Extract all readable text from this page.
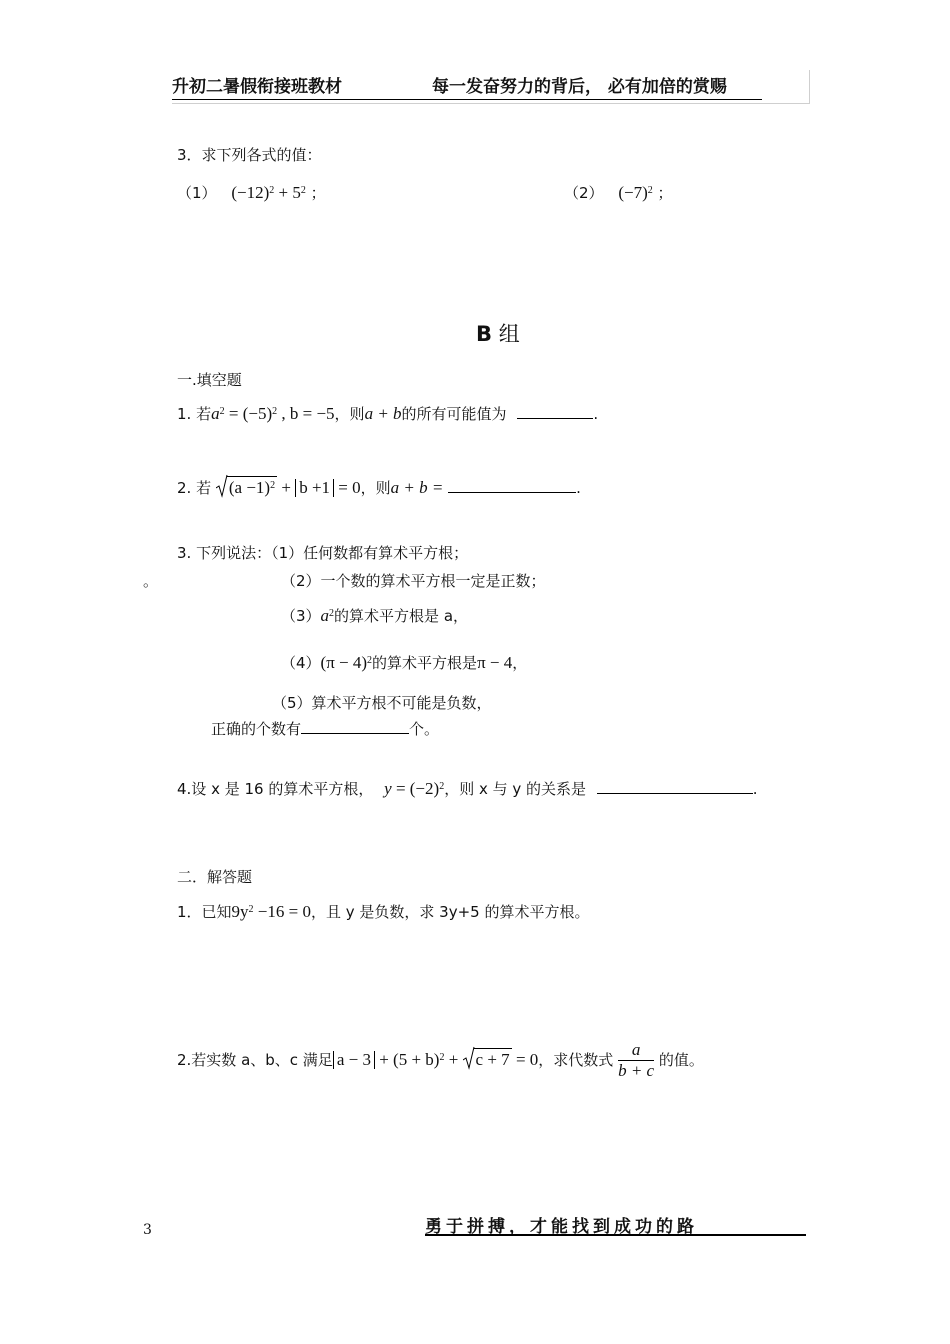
升初二暑假衔接班教材	每一发奋努力的背后， 必有加倍的赏赐
3．求下列各式的值：
（1） $(-12)^2 + 5^2$ ；	（2） $(-7)^2$ ；
B 组
一.填空题
1. 若$a^2 = (-5)^2$ , b = −5，则a + b的所有可能值为	.
2. 若 $(a -1)^2 + b +1 = 0$，则a + b =	.
3. 下列说法：（1）任何数都有算术平方根；
。	（2）一个数的算术平方根一定是正数；
$(3)a^2$的算术平方根是 a，
$(4)(\pi - 4)^2$的算术平方根是π − 4，
（5）算术平方根不可能是负数，
正确的个数有	个。
4.设 x 是 16 的算术平方根， $y = (-2)^2$，则 x 与 y 的关系是	.
二．解答题
1．已知$9y^2 -16 = 0$，且 y 是负数，求 3y+5 的算术平方根。
2.若实数 a、b、c 满足 $a - 3 + (5 + b)^2$ +
c + 7 = 0，求代数式 $\frac{a}{b + c}$ 的值。
3	勇于拼搏，才能找到成功的路
